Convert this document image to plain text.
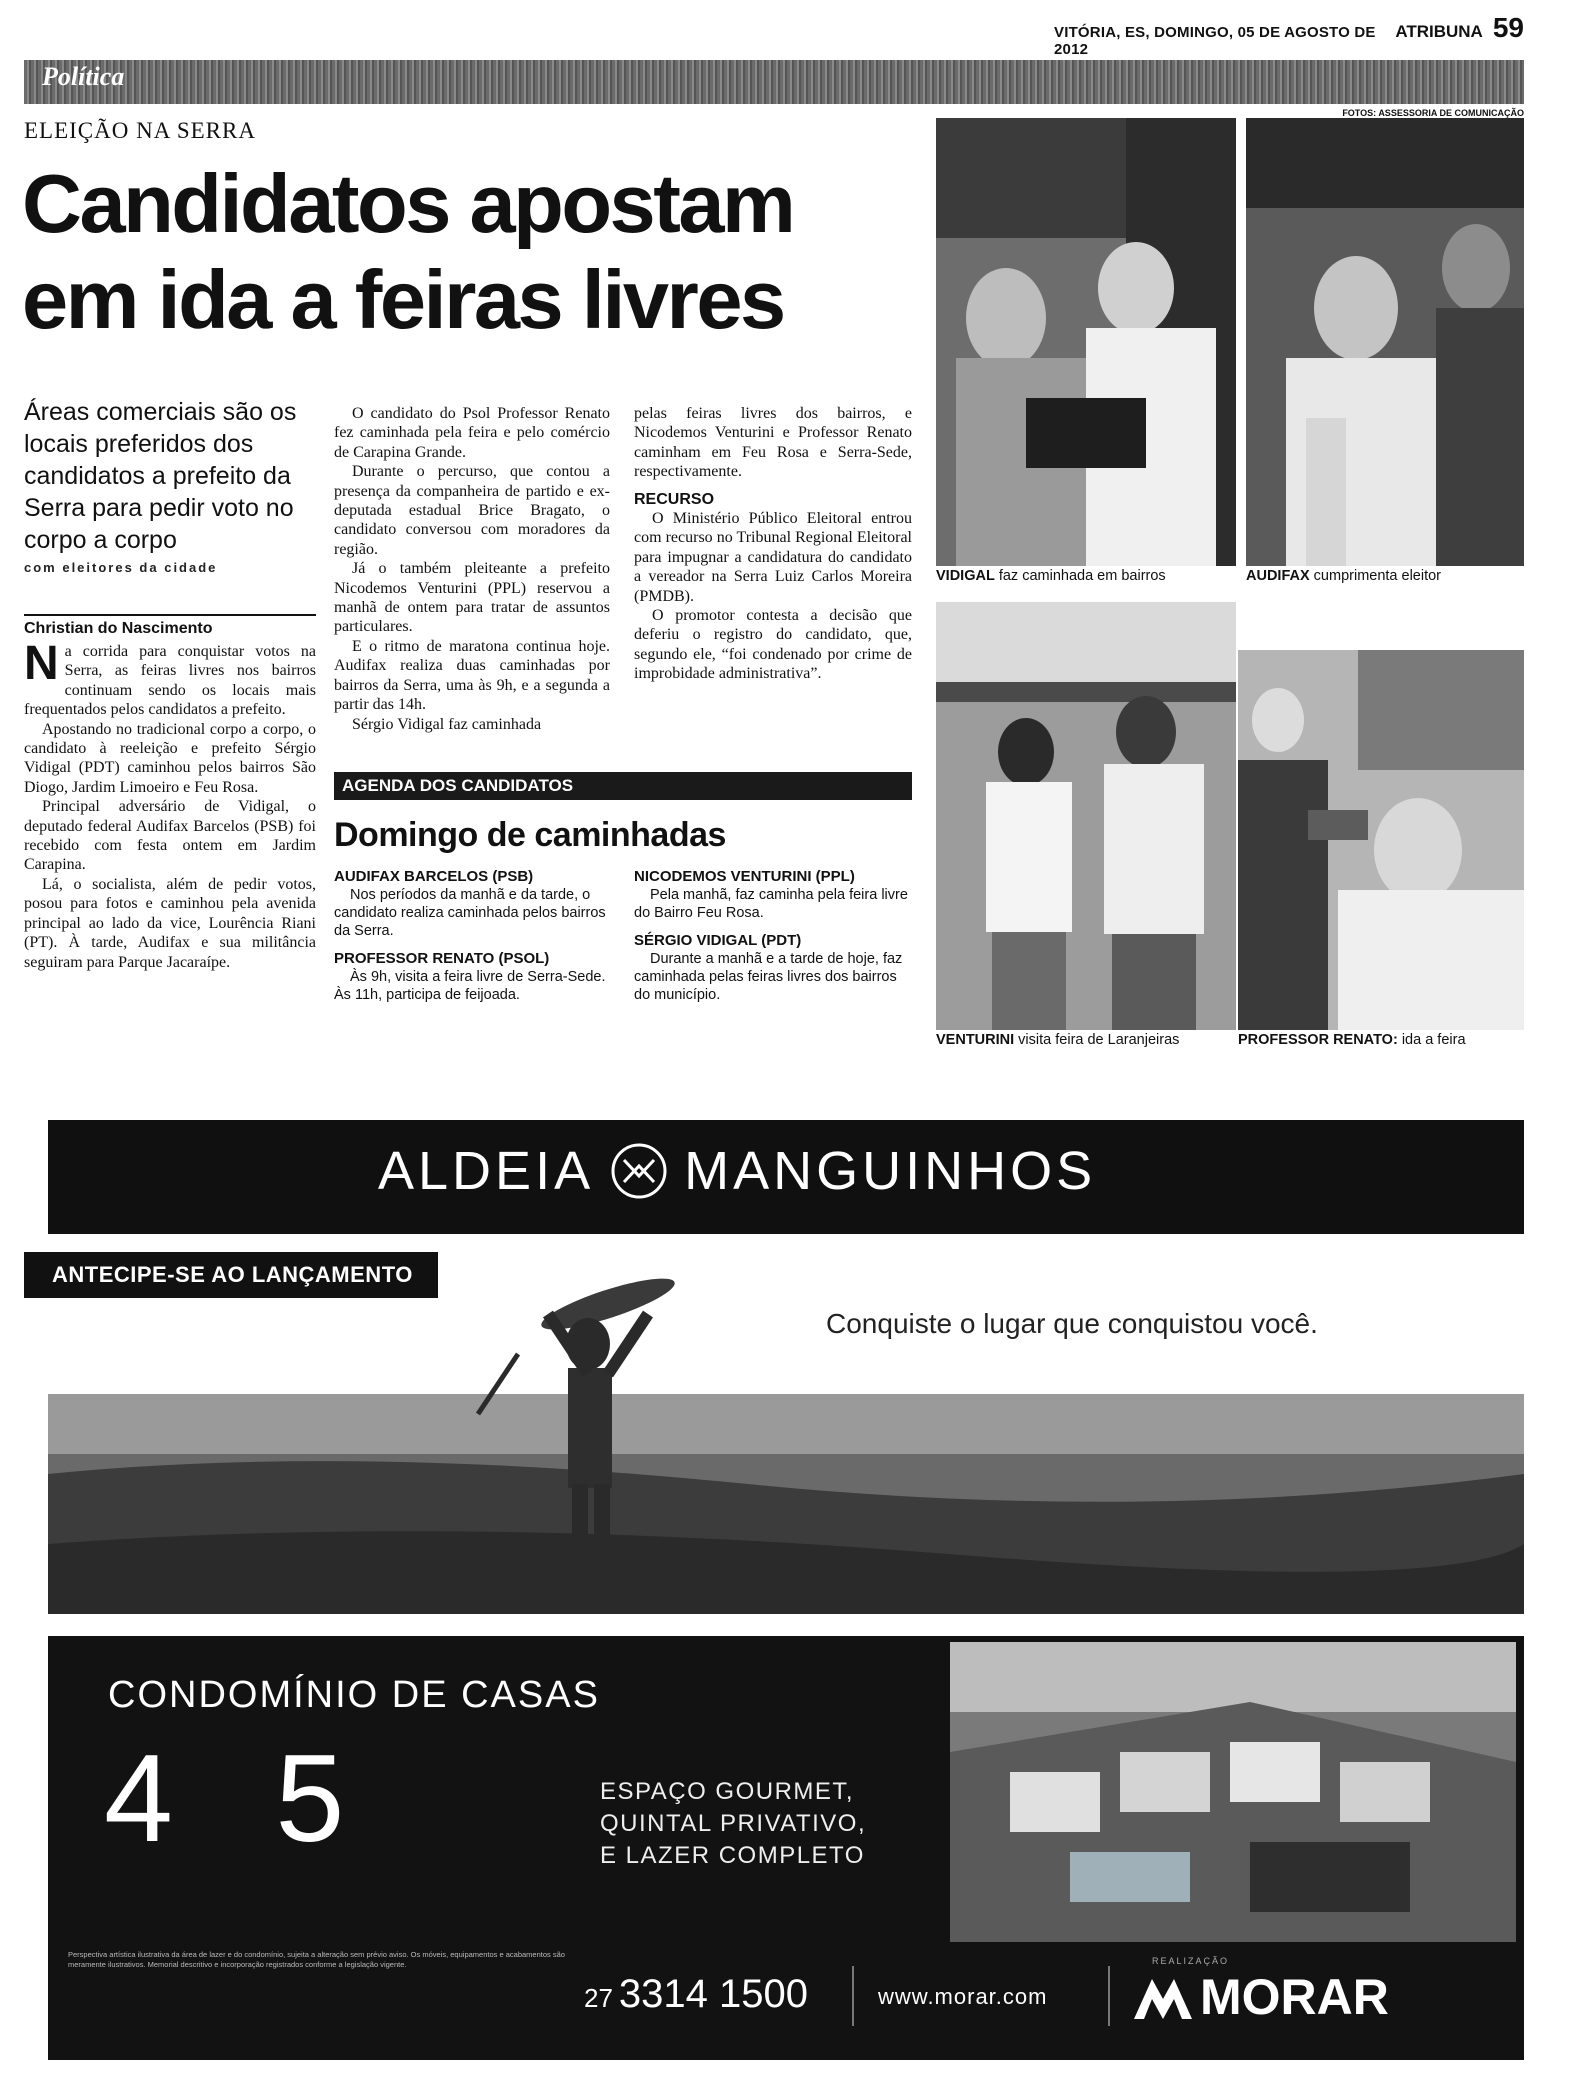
VITÓRIA, ES, DOMINGO, 05 DE AGOSTO DE 2012
ATRIBUNA 59
Política
FOTOS: ASSESSORIA DE COMUNICAÇÃO
ELEIÇÃO NA SERRA
Candidatos apostam
em ida a feiras livres
Áreas comerciais são os locais preferidos dos candidatos a prefeito da Serra para pedir voto no corpo a corpo
com eleitores da cidade
Christian do Nascimento

Na corrida para conquistar votos na Serra, as feiras livres nos bairros continuam sendo os locais mais frequentados pelos candidatos a prefeito.

Apostando no tradicional corpo a corpo, o candidato à reeleição e prefeito Sérgio Vidigal (PDT) caminhou pelos bairros São Diogo, Jardim Limoeiro e Feu Rosa.

Principal adversário de Vidigal, o deputado federal Audifax Barcelos (PSB) foi recebido com festa ontem em Jardim Carapina.

Lá, o socialista, além de pedir votos, posou para fotos e caminhou pela avenida principal ao lado da vice, Lourência Riani (PT). À tarde, Audifax e sua militância seguiram para Parque Jacaraípe.

O candidato do Psol Professor Renato fez caminhada pela feira e pelo comércio de Carapina Grande.

Durante o percurso, que contou a presença da companheira de partido e ex-deputada estadual Brice Bragato, o candidato conversou com moradores da região.

Já o também pleiteante a prefeito Nicodemos Venturini (PPL) reservou a manhã de ontem para tratar de assuntos particulares.

E o ritmo de maratona continua hoje. Audifax realiza duas caminhadas por bairros da Serra, uma às 9h, e a segunda a partir das 14h.

Sérgio Vidigal faz caminhada

pelas feiras livres dos bairros, e Nicodemos Venturini e Professor Renato caminham em Feu Rosa e Serra-Sede, respectivamente.

RECURSO

O Ministério Público Eleitoral entrou com recurso no Tribunal Regional Eleitoral para impugnar a candidatura do candidato a vereador na Serra Luiz Carlos Moreira (PMDB).

O promotor contesta a decisão que deferiu o registro do candidato, que, segundo ele, “foi condenado por crime de improbidade administrativa”.

AGENDA DOS CANDIDATOS
Domingo de caminhadas
AUDIFAX BARCELOS (PSB)
Nos períodos da manhã e da tarde, o candidato realiza caminhada pelos bairros da Serra.
PROFESSOR RENATO (PSOL)
Às 9h, visita a feira livre de Serra-Sede. Às 11h, participa de feijoada.
NICODEMOS VENTURINI (PPL)
Pela manhã, faz caminha pela feira livre do Bairro Feu Rosa.
SÉRGIO VIDIGAL (PDT)
Durante a manhã e a tarde de hoje, faz caminhada pelas feiras livres dos bairros do município.
VIDIGAL faz caminhada em bairros	AUDIFAX cumprimenta eleitor
VENTURINI visita feira de Laranjeiras	PROFESSOR RENATO: ida a feira
ALDEIA MANGUINHOS
ANTECIPE-SE AO LANÇAMENTO
Conquiste o lugar que conquistou você.
CONDOMÍNIO DE CASAS
4 5	ESPAÇO GOURMET,
QUINTAL PRIVATIVO,
E LAZER COMPLETO
Perspectiva artística ilustrativa da área de lazer e do condomínio, sujeita a alteração sem prévio aviso. Os móveis, equipamentos e acabamentos são meramente ilustrativos. Memorial descritivo e incorporação registrados conforme a legislação vigente.
27 3314 1500	www.morar.com
REALIZAÇÃO
MORAR
